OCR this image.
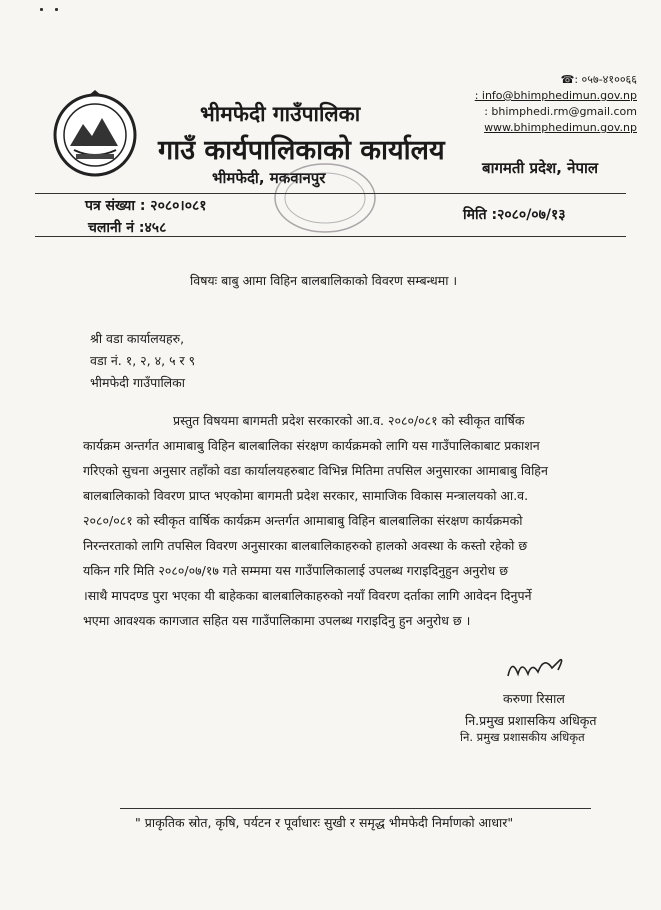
भीमफेदी गाउँपालिका
गाउँ कार्यपालिकाको कार्यालय
भीमफेदी, मकवानपुर
☎: ०५७-४१००६६
: info@bhimphedimun.gov.np
: bhimphedi.rm@gmail.com
www.bhimphedimun.gov.np
बागमती प्रदेश, नेपाल
पत्र संख्या : २०८०।०८१
चलानी नं :४५८
मिति :२०८०/०७/१३
विषयः बाबु आमा विहिन बालबालिकाको विवरण सम्बन्धमा ।
श्री वडा कार्यालयहरु,
वडा नं. १, २, ४, ५ र ९
भीमफेदी गाउँपालिका
प्रस्तुत विषयमा बागमती प्रदेश सरकारको आ.व. २०८०/०८१ को स्वीकृत वार्षिक
कार्यक्रम अन्तर्गत आमाबाबु विहिन बालबालिका संरक्षण कार्यक्रमको लागि यस गाउँपालिकाबाट प्रकाशन
गरिएको सुचना अनुसार तहाँको वडा कार्यालयहरुबाट विभिन्न मितिमा तपसिल अनुसारका आमाबाबु विहिन
बालबालिकाको विवरण प्राप्त भएकोमा बागमती प्रदेश सरकार, सामाजिक विकास मन्त्रालयको आ.व.
२०८०/०८१ को स्वीकृत वार्षिक कार्यक्रम अन्तर्गत आमाबाबु विहिन बालबालिका संरक्षण कार्यक्रमको
निरन्तरताको लागि तपसिल विवरण अनुसारका बालबालिकाहरुको हालको अवस्था के कस्तो रहेको छ
यकिन गरि मिति २०८०/०७/१७ गते सम्ममा यस गाउँपालिकालाई उपलब्ध गराइदिनुहुन अनुरोध छ
।साथै मापदण्ड पुरा भएका यी बाहेकका बालबालिकाहरुको नयाँ विवरण दर्ताका लागि आवेदन दिनुपर्ने
भएमा आवश्यक कागजात सहित यस गाउँपालिकामा उपलब्ध गराइदिनु हुन अनुरोध छ ।
करुणा रिसाल
नि.प्रमुख प्रशासकिय अधिकृत
नि. प्रमुख प्रशासकीय अधिकृत
" प्राकृतिक स्रोत, कृषि, पर्यटन र पूर्वाधारः सुखी र समृद्ध भीमफेदी निर्माणको आधार"
